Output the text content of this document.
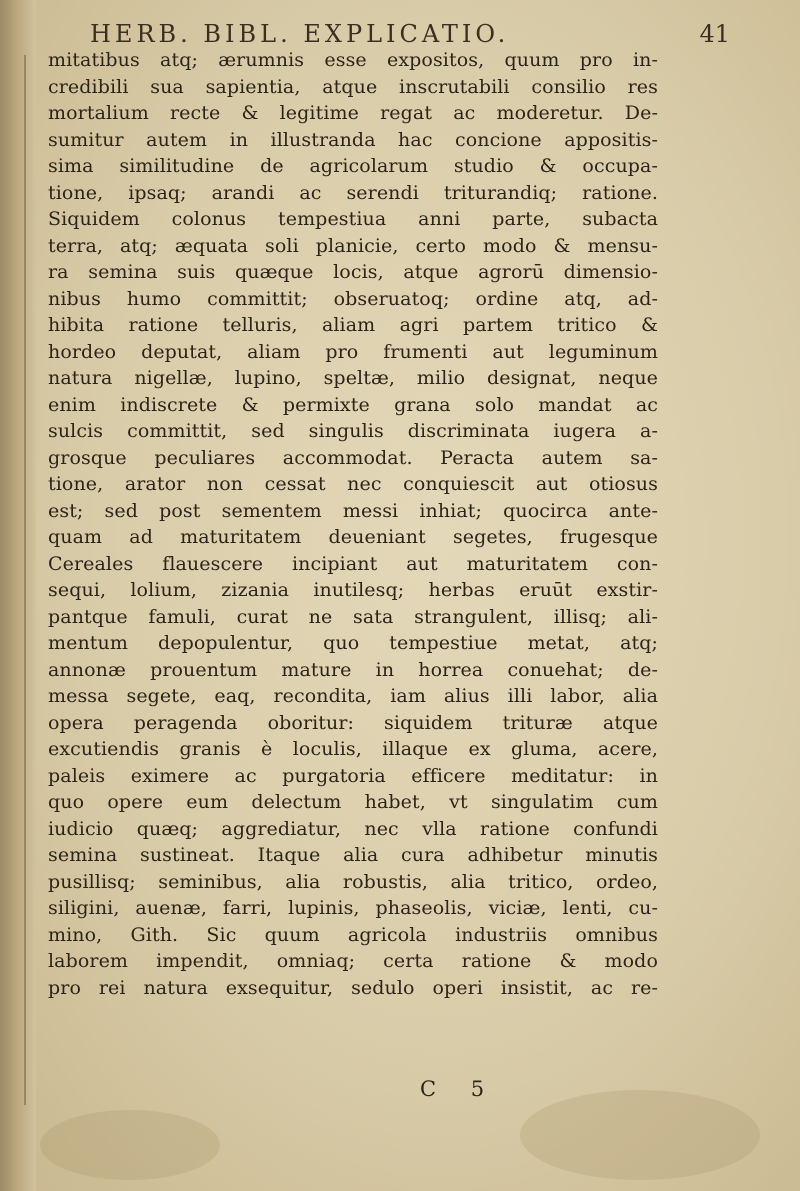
HERB. BIBL. EXPLICATIO.	41
mitatibus atq; ærumnis esse expositos, quum pro in-
credibili sua sapientia, atque inscrutabili consilio res
mortalium recte & legitime regat ac moderetur. De-
sumitur autem in illustranda hac concione appositis-
sima similitudine de agricolarum studio & occupa-
tione, ipsaq; arandi ac serendi triturandiq; ratione.
Siquidem colonus tempestiua anni parte, subacta
terra, atq; æquata soli planicie, certo modo & mensu-
ra semina suis quæque locis, atque agrorū dimensio-
nibus humo committit; obseruatoq; ordine atq, ad-
hibita ratione telluris, aliam agri partem tritico &
hordeo deputat, aliam pro frumenti aut leguminum
natura nigellæ, lupino, speltæ, milio designat, neque
enim indiscrete & permixte grana solo mandat ac
sulcis committit, sed singulis discriminata iugera a-
grosque peculiares accommodat. Peracta autem sa-
tione, arator non cessat nec conquiescit aut otiosus
est; sed post sementem messi inhiat; quocirca ante-
quam ad maturitatem deueniant segetes, frugesque
Cereales flauescere incipiant aut maturitatem con-
sequi, lolium, zizania inutilesq; herbas eruūt exstir-
pantque famuli, curat ne sata strangulent, illisq; ali-
mentum depopulentur, quo tempestiue metat, atq;
annonæ prouentum mature in horrea conuehat; de-
messa segete, eaq, recondita, iam alius illi labor, alia
opera peragenda oboritur: siquidem trituræ atque
excutiendis granis è loculis, illaque ex gluma, acere,
paleis eximere ac purgatoria efficere meditatur: in
quo opere eum delectum habet, vt singulatim cum
iudicio quæq; aggrediatur, nec vlla ratione confundi
semina sustineat. Itaque alia cura adhibetur minutis
pusillisq; seminibus, alia robustis, alia tritico, ordeo,
siligini, auenæ, farri, lupinis, phaseolis, viciæ, lenti, cu-
mino, Gith. Sic quum agricola industriis omnibus
laborem impendit, omniaq; certa ratione & modo
pro rei natura exsequitur, sedulo operi insistit, ac re-
C 5
